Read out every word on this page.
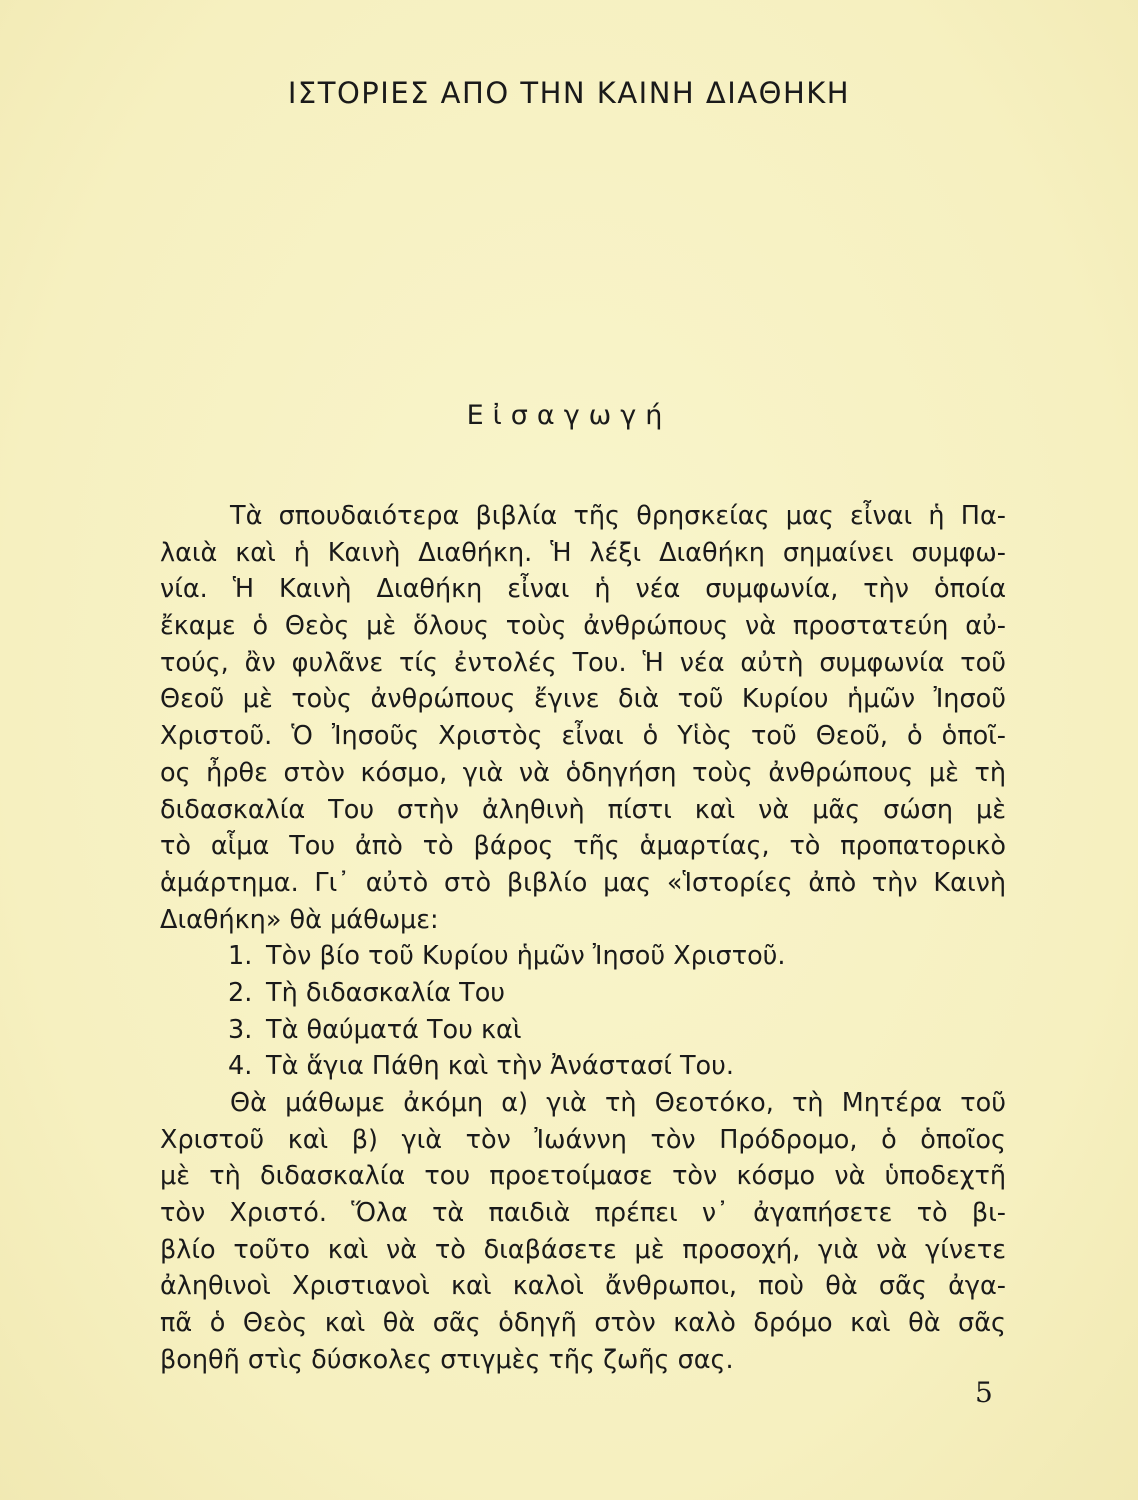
ΙΣΤΟΡΙΕΣ ΑΠΟ ΤΗΝ ΚΑΙΝΗ ΔΙΑΘΗΚΗ
Εἰσαγωγή
Τὰ σπουδαιότερα βιβλία τῆς θρησκείας μας εἶναι ἡ Πα-
λαιὰ καὶ ἡ Καινὴ Διαθήκη. Ἡ λέξι Διαθήκη σημαίνει συμφω-
νία. Ἡ Καινὴ Διαθήκη εἶναι ἡ νέα συμφωνία, τὴν ὁποία
ἔκαμε ὁ Θεὸς μὲ ὅλους τοὺς ἀνθρώπους νὰ προστατεύη αὐ-
τούς, ἂν φυλᾶνε τίς ἐντολές Του. Ἡ νέα αὐτὴ συμφωνία τοῦ
Θεοῦ μὲ τοὺς ἀνθρώπους ἔγινε διὰ τοῦ Κυρίου ἡμῶν Ἰησοῦ
Χριστοῦ. Ὁ Ἰησοῦς Χριστὸς εἶναι ὁ Υἱὸς τοῦ Θεοῦ, ὁ ὁποῖ-
ος ἦρθε στὸν κόσμο, γιὰ νὰ ὁδηγήση τοὺς ἀνθρώπους μὲ τὴ
διδασκαλία Του στὴν ἀληθινὴ πίστι καὶ νὰ μᾶς σώση μὲ
τὸ αἷμα Του ἀπὸ τὸ βάρος τῆς ἁμαρτίας, τὸ προπατορικὸ
ἁμάρτημα. Γι᾽ αὐτὸ στὸ βιβλίο μας «Ἱστορίες ἀπὸ τὴν Καινὴ
Διαθήκη» θὰ μάθωμε:
1. Τὸν βίο τοῦ Κυρίου ἡμῶν Ἰησοῦ Χριστοῦ.
2. Τὴ διδασκαλία Του
3. Τὰ θαύματά Του καὶ
4. Τὰ ἅγια Πάθη καὶ τὴν Ἀνάστασί Του.
Θὰ μάθωμε ἀκόμη α) γιὰ τὴ Θεοτόκο, τὴ Μητέρα τοῦ
Χριστοῦ καὶ β) γιὰ τὸν Ἰωάννη τὸν Πρόδρομο, ὁ ὁποῖος
μὲ τὴ διδασκαλία του προετοίμασε τὸν κόσμο νὰ ὑποδεχτῆ
τὸν Χριστό. Ὅλα τὰ παιδιὰ πρέπει ν᾽ ἀγαπήσετε τὸ βι-
βλίο τοῦτο καὶ νὰ τὸ διαβάσετε μὲ προσοχή, γιὰ νὰ γίνετε
ἀληθινοὶ Χριστιανοὶ καὶ καλοὶ ἄνθρωποι, ποὺ θὰ σᾶς ἀγα-
πᾶ ὁ Θεὸς καὶ θὰ σᾶς ὁδηγῆ στὸν καλὸ δρόμο καὶ θὰ σᾶς
βοηθῆ στὶς δύσκολες στιγμὲς τῆς ζωῆς σας.
5
